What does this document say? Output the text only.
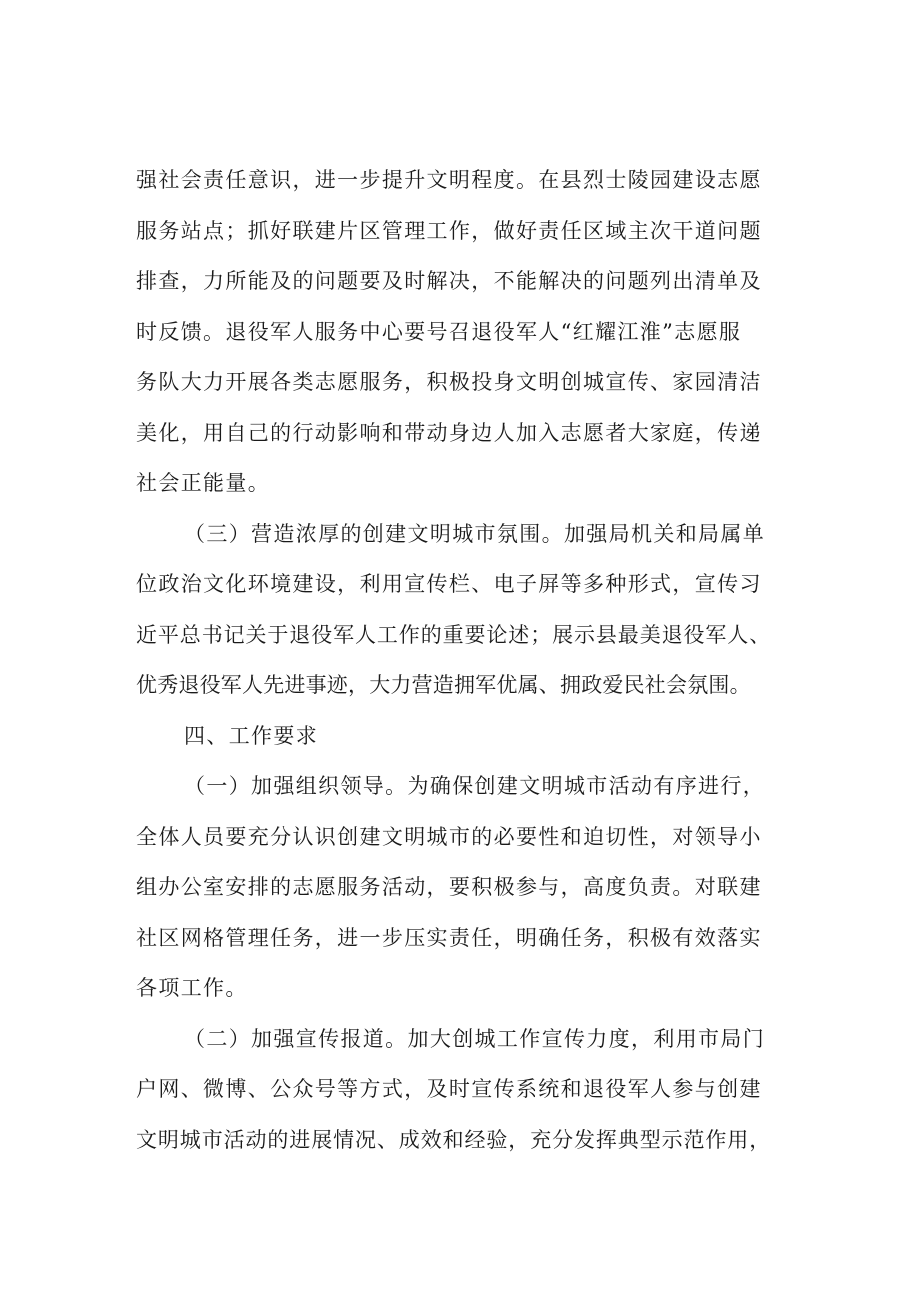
强社会责任意识，进一步提升文明程度。在县烈士陵园建设志愿
服务站点；抓好联建片区管理工作，做好责任区域主次干道问题
排查，力所能及的问题要及时解决，不能解决的问题列出清单及
时反馈。退役军人服务中心要号召退役军人“红耀江淮”志愿服
务队大力开展各类志愿服务，积极投身文明创城宣传、家园清洁
美化，用自己的行动影响和带动身边人加入志愿者大家庭，传递
社会正能量。
（三）营造浓厚的创建文明城市氛围。加强局机关和局属单
位政治文化环境建设，利用宣传栏、电子屏等多种形式，宣传习
近平总书记关于退役军人工作的重要论述；展示县最美退役军人、
优秀退役军人先进事迹，大力营造拥军优属、拥政爱民社会氛围。
四、工作要求
（一）加强组织领导。为确保创建文明城市活动有序进行，
全体人员要充分认识创建文明城市的必要性和迫切性，对领导小
组办公室安排的志愿服务活动，要积极参与，高度负责。对联建
社区网格管理任务，进一步压实责任，明确任务，积极有效落实
各项工作。
（二）加强宣传报道。加大创城工作宣传力度，利用市局门
户网、微博、公众号等方式，及时宣传系统和退役军人参与创建
文明城市活动的进展情况、成效和经验，充分发挥典型示范作用，
